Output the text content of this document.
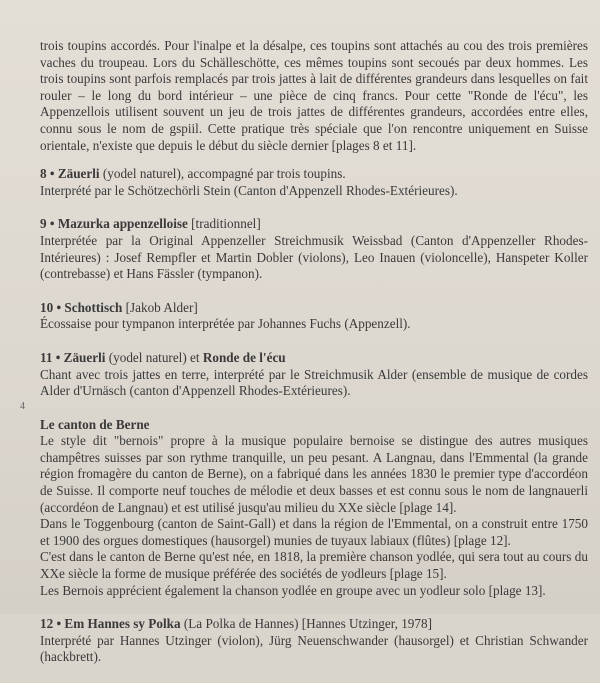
4

trois toupins accordés. Pour l'inalpe et la désalpe, ces toupins sont attachés au cou des trois premières vaches du troupeau. Lors du Schälleschötte, ces mêmes toupins sont secoués par deux hommes. Les trois toupins sont parfois remplacés par trois jattes à lait de différentes grandeurs dans lesquelles on fait rouler – le long du bord intérieur – une pièce de cinq francs. Pour cette "Ronde de l'écu", les Appenzellois utilisent souvent un jeu de trois jattes de différentes grandeurs, accordées entre elles, connu sous le nom de gspiil. Cette pratique très spéciale que l'on rencontre uniquement en Suisse orientale, n'existe que depuis le début du siècle dernier [plages 8 et 11].

8 • Zäuerli (yodel naturel), accompagné par trois toupins.

Interprété par le Schötzechörli Stein (Canton d'Appenzell Rhodes-Extérieures).

9 • Mazurka appenzelloise [traditionnel]

Interprétée par la Original Appenzeller Streichmusik Weissbad (Canton d'Appenzeller Rhodes-Intérieures) : Josef Rempfler et Martin Dobler (violons), Leo Inauen (violoncelle), Hanspeter Koller (contrebasse) et Hans Fässler (tympanon).

10 • Schottisch [Jakob Alder]

Écossaise pour tympanon interprétée par Johannes Fuchs (Appenzell).

11 • Zäuerli (yodel naturel) et Ronde de l'écu

Chant avec trois jattes en terre, interprété par le Streichmusik Alder (ensemble de musique de cordes Alder d'Urnäsch (canton d'Appenzell Rhodes-Extérieures).

Le canton de Berne

Le style dit "bernois" propre à la musique populaire bernoise se distingue des autres musiques champêtres suisses par son rythme tranquille, un peu pesant. A Langnau, dans l'Emmental (la grande région fromagère du canton de Berne), on a fabriqué dans les années 1830 le premier type d'accordéon de Suisse. Il comporte neuf touches de mélodie et deux basses et est connu sous le nom de langnauerli (accordéon de Langnau) et est utilisé jusqu'au milieu du XXe siècle [plage 14].

Dans le Toggenbourg (canton de Saint-Gall) et dans la région de l'Emmental, on a construit entre 1750 et 1900 des orgues domestiques (hausorgel) munies de tuyaux labiaux (flûtes) [plage 12].

C'est dans le canton de Berne qu'est née, en 1818, la première chanson yodlée, qui sera tout au cours du XXe siècle la forme de musique préférée des sociétés de yodleurs [plage 15].

Les Bernois apprécient également la chanson yodlée en groupe avec un yodleur solo [plage 13].

12 • Em Hannes sy Polka (La Polka de Hannes) [Hannes Utzinger, 1978]

Interprété par Hannes Utzinger (violon), Jürg Neuenschwander (hausorgel) et Christian Schwander (hackbrett).
